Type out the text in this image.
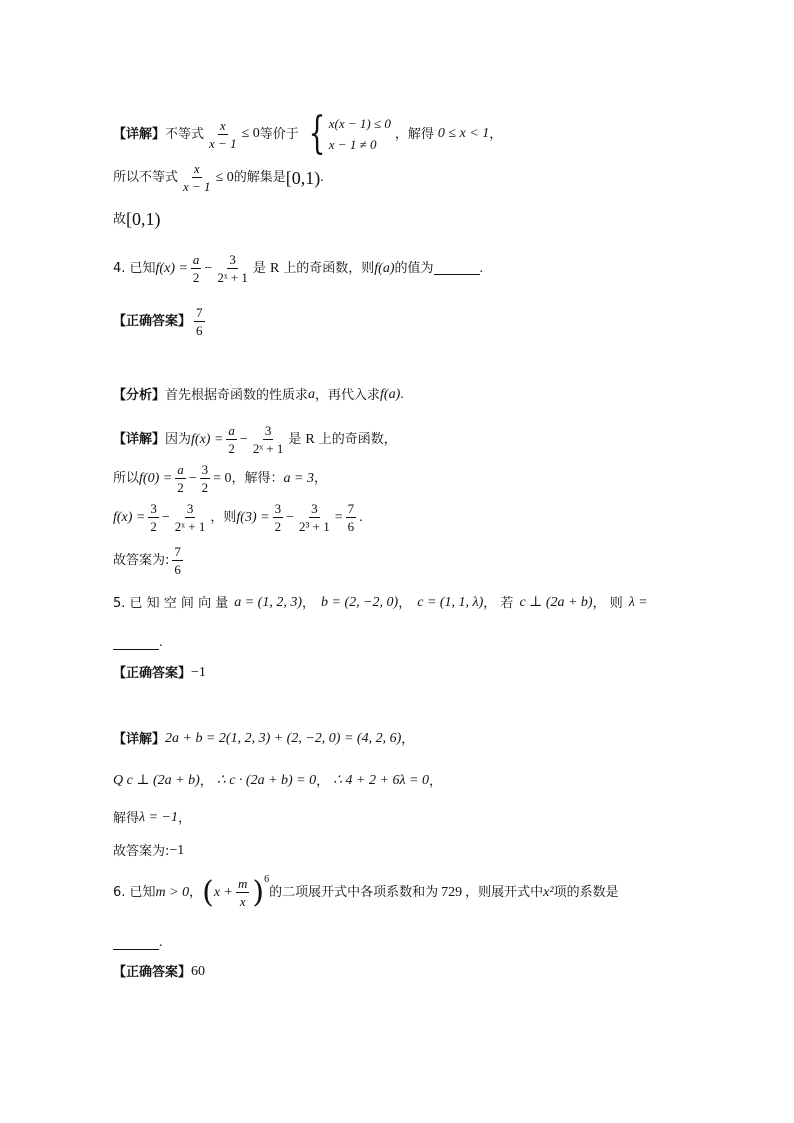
【详解】 不等式 $\frac{x}{x - 1} \le 0$ 等价于 { x(x − 1) ≤ 0
x − 1 ≠ 0
，解得 0 ≤ x < 1 ，
所以不等式 $\frac{x}{x - 1} \le 0$ 的解集是 [0,1) .
故 [0,1)
4. 已知 $f(x) = \frac{a}{2} - \frac{3}{\text{2ˣ + 1}}$ 是 R 上的奇函数，则 f(a) 的值为	.
【正确答案】 $\frac{7}{6}$
【分析】 首先根据奇函数的性质求 a ，再代入求 f(a) .
【详解】 因为 $f(x) = \frac{a}{2} - \frac{3}{\text{2ˣ + 1}}$ 是 R 上的奇函数，
所以 $f(0) = \frac{a}{2} - \frac{3}{2} = 0$ ，解得： a = 3 ，
$f(x) = \frac{3}{2} - \frac{3}{\text{2ˣ + 1}}$ ，则 $f(3) = \frac{3}{2} - \frac{3}{\text{2³ + 1}} = \frac{7}{6}$ .
故答案为: $\frac{7}{6}$
5. 已 知 空 间 向 量 a = (1, 2, 3) ， b = (2, −2, 0) ， c = (1, 1, λ) ， 若 c ⊥ (2a + b) ， 则 λ =
.
【正确答案】 −1
【详解】 2a + b = 2(1, 2, 3) + (2, −2, 0) = (4, 2, 6) ，
Q c ⊥ (2a + b) ， ∴ c · (2a + b) = 0 ， ∴ 4 + 2 + 6λ = 0 ，
解得 λ = −1 ，
故答案为: −1
6. 已知 m > 0 ， ( $x + \frac{m}{x}$ ) 6
的二项展开式中各项系数和为 729 ，则展开式中 x² 项的系数是
.
【正确答案】 60
